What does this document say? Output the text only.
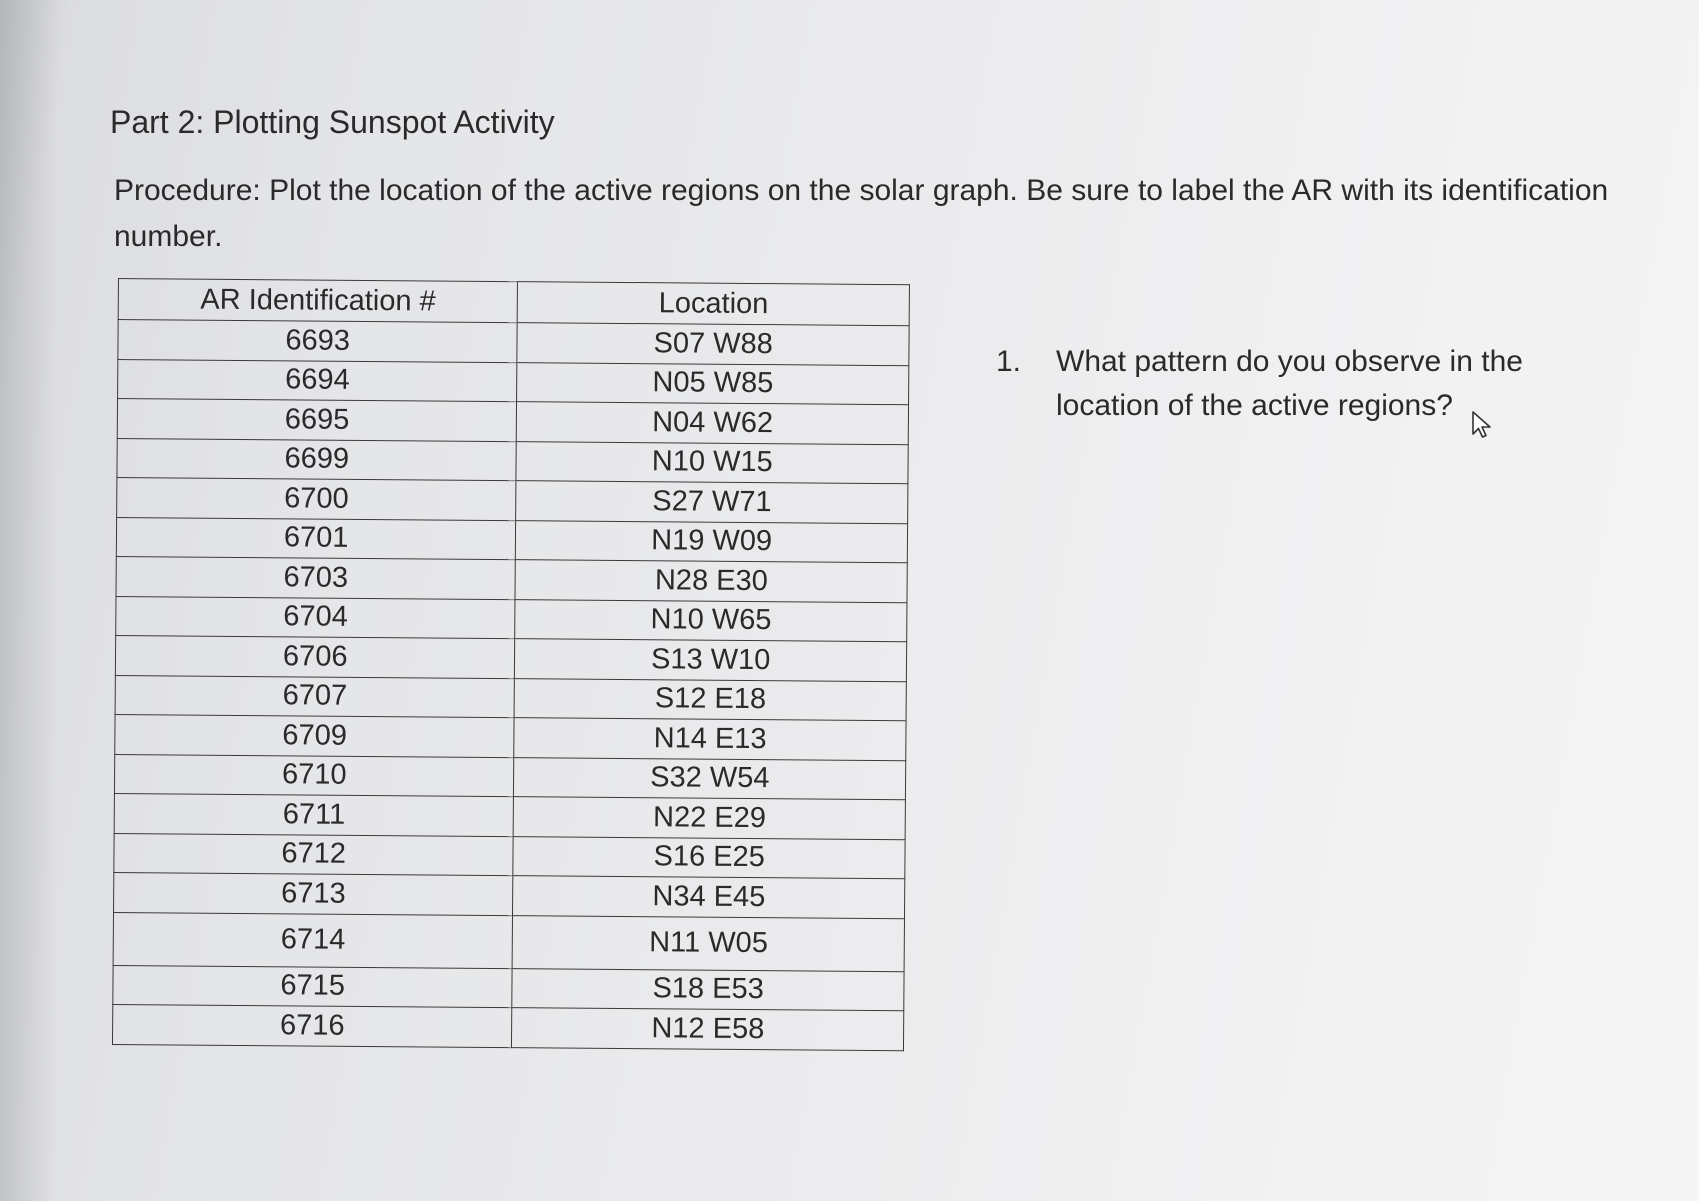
Part 2: Plotting Sunspot Activity
Procedure: Plot the location of the active regions on the solar graph. Be sure to label the AR with its identification number.
AR Identification #	Location
6693	S07 W88
6694	N05 W85
6695	N04 W62
6699	N10 W15
6700	S27 W71
6701	N19 W09
6703	N28 E30
6704	N10 W65
6706	S13 W10
6707	S12 E18
6709	N14 E13
6710	S32 W54
6711	N22 E29
6712	S16 E25
6713	N34 E45
6714	N11 W05
6715	S18 E53
6716	N12 E58
1. What pattern do you observe in the location of the active regions?
